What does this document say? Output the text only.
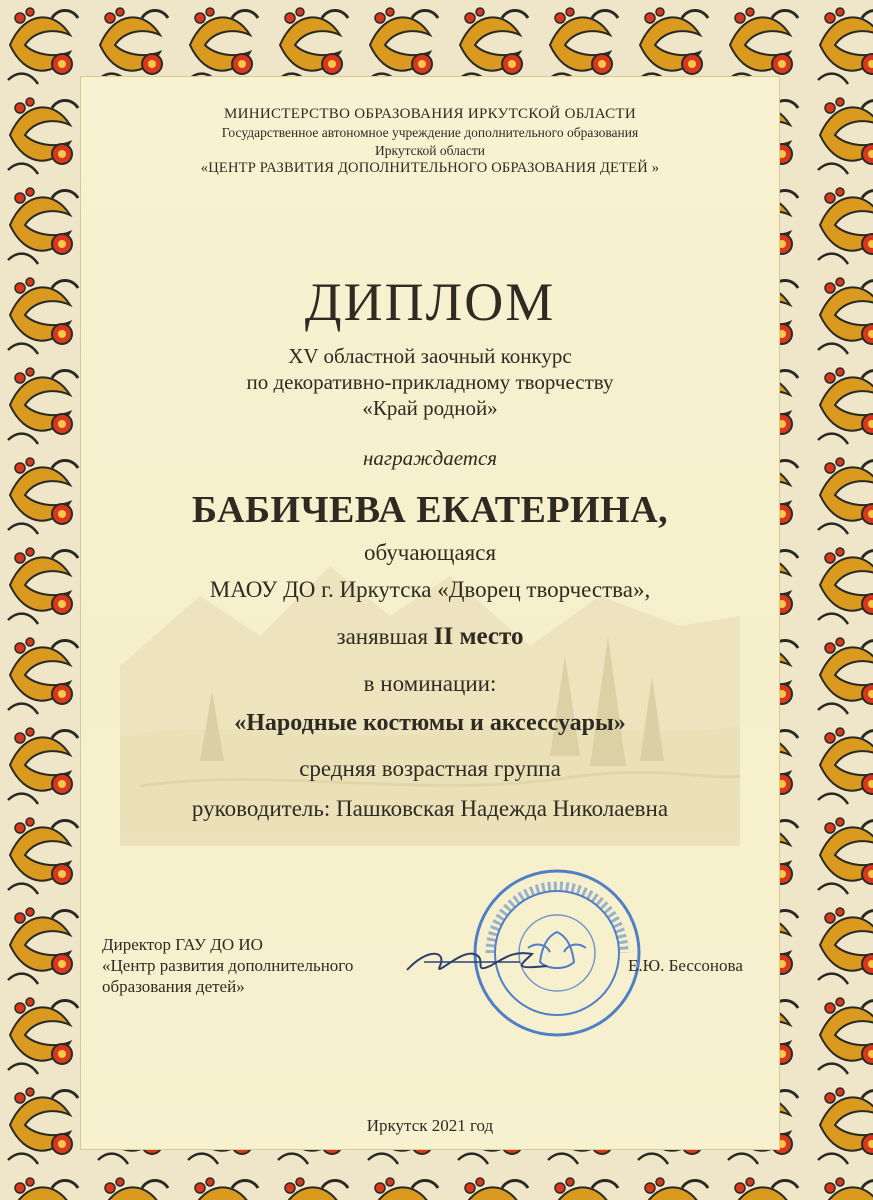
МИНИСТЕРСТВО ОБРАЗОВАНИЯ ИРКУТСКОЙ ОБЛАСТИ
Государственное автономное учреждение дополнительного образования
Иркутской области
«ЦЕНТР РАЗВИТИЯ ДОПОЛНИТЕЛЬНОГО ОБРАЗОВАНИЯ ДЕТЕЙ »
ДИПЛОМ
XV областной заочный конкурс
по декоративно-прикладному творчеству
«Край родной»
награждается
БАБИЧЕВА ЕКАТЕРИНА,
обучающаяся
МАОУ ДО г. Иркутска «Дворец творчества»,
занявшая II место
в номинации:
«Народные костюмы и аксессуары»
средняя возрастная группа
руководитель: Пашковская Надежда Николаевна
Директор ГАУ ДО ИО
«Центр развития дополнительного
образования детей»
Е.Ю. Бессонова
Иркутск 2021 год
